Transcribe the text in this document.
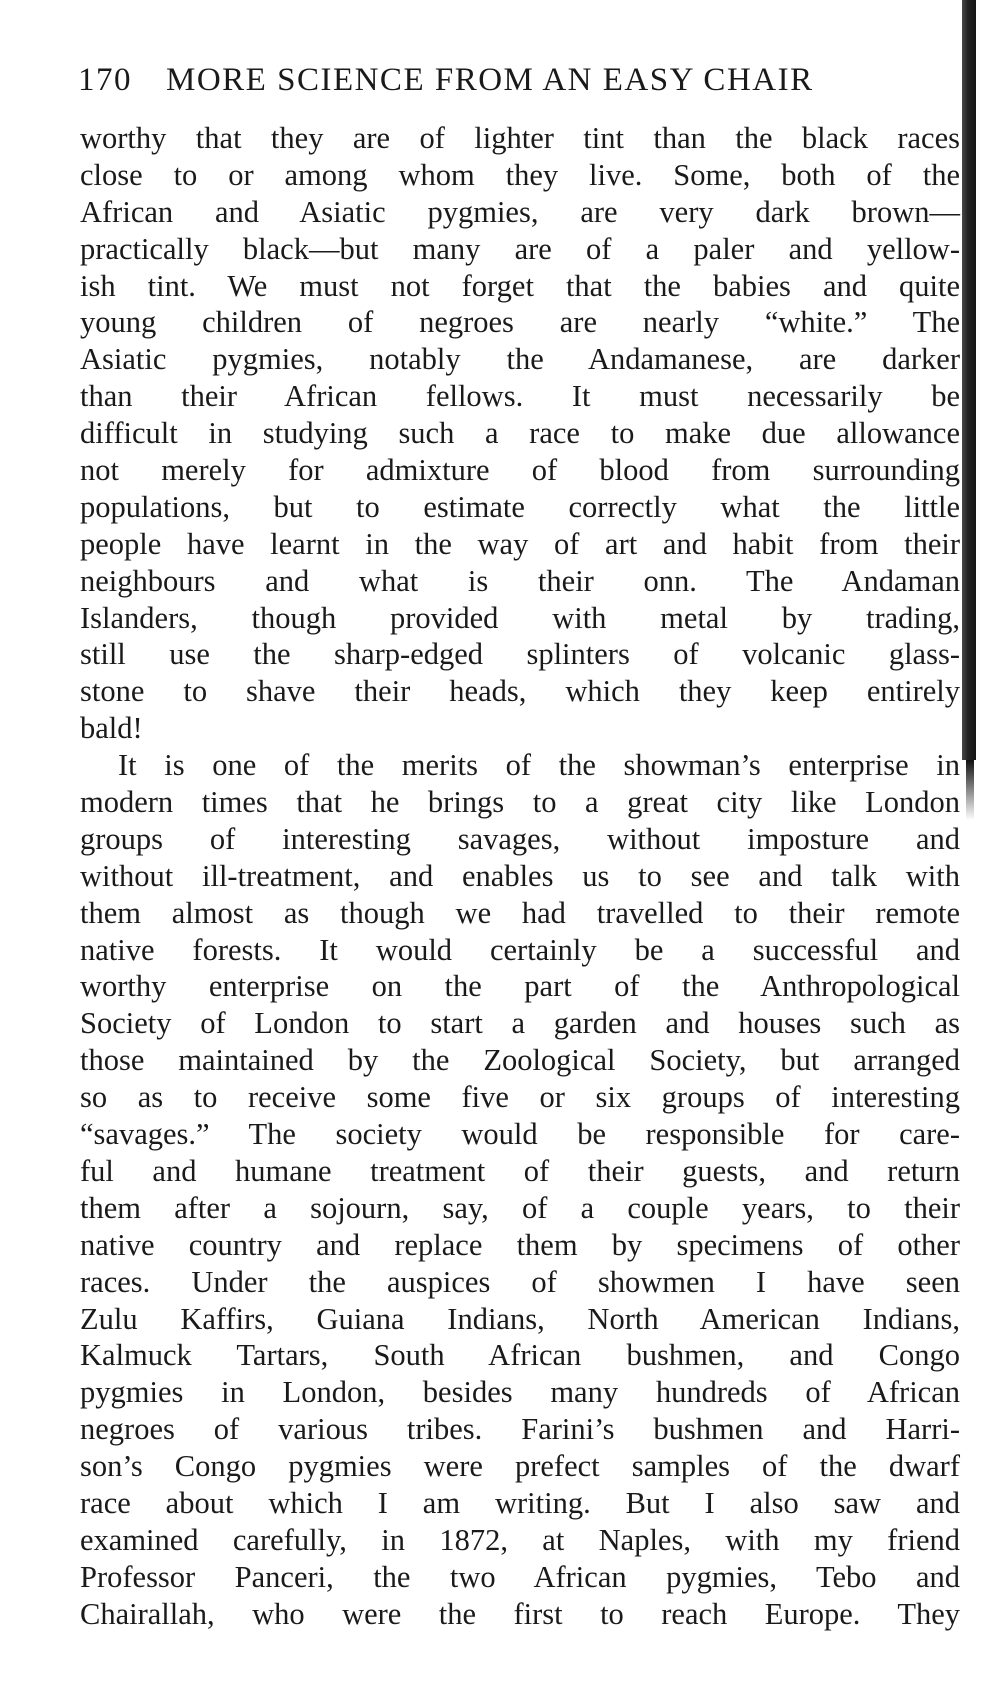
170 MORE SCIENCE FROM AN EASY CHAIR
worthy that they are of lighter tint than the black races
close to or among whom they live. Some, both of the
African and Asiatic pygmies, are very dark brown—
practically black—but many are of a paler and yellow-
ish tint. We must not forget that the babies and quite
young children of negroes are nearly “white.” The
Asiatic pygmies, notably the Andamanese, are darker
than their African fellows. It must necessarily be
difficult in studying such a race to make due allowance
not merely for admixture of blood from surrounding
populations, but to estimate correctly what the little
people have learnt in the way of art and habit from their
neighbours and what is their onn. The Andaman
Islanders, though provided with metal by trading,
still use the sharp-edged splinters of volcanic glass-
stone to shave their heads, which they keep entirely
bald!
It is one of the merits of the showman’s enterprise in
modern times that he brings to a great city like London
groups of interesting savages, without imposture and
without ill-treatment, and enables us to see and talk with
them almost as though we had travelled to their remote
native forests. It would certainly be a successful and
worthy enterprise on the part of the Anthropological
Society of London to start a garden and houses such as
those maintained by the Zoological Society, but arranged
so as to receive some five or six groups of interesting
“savages.” The society would be responsible for care-
ful and humane treatment of their guests, and return
them after a sojourn, say, of a couple years, to their
native country and replace them by specimens of other
races. Under the auspices of showmen I have seen
Zulu Kaffirs, Guiana Indians, North American Indians,
Kalmuck Tartars, South African bushmen, and Congo
pygmies in London, besides many hundreds of African
negroes of various tribes. Farini’s bushmen and Harri-
son’s Congo pygmies were prefect samples of the dwarf
race about which I am writing. But I also saw and
examined carefully, in 1872, at Naples, with my friend
Professor Panceri, the two African pygmies, Tebo and
Chairallah, who were the first to reach Europe. They
